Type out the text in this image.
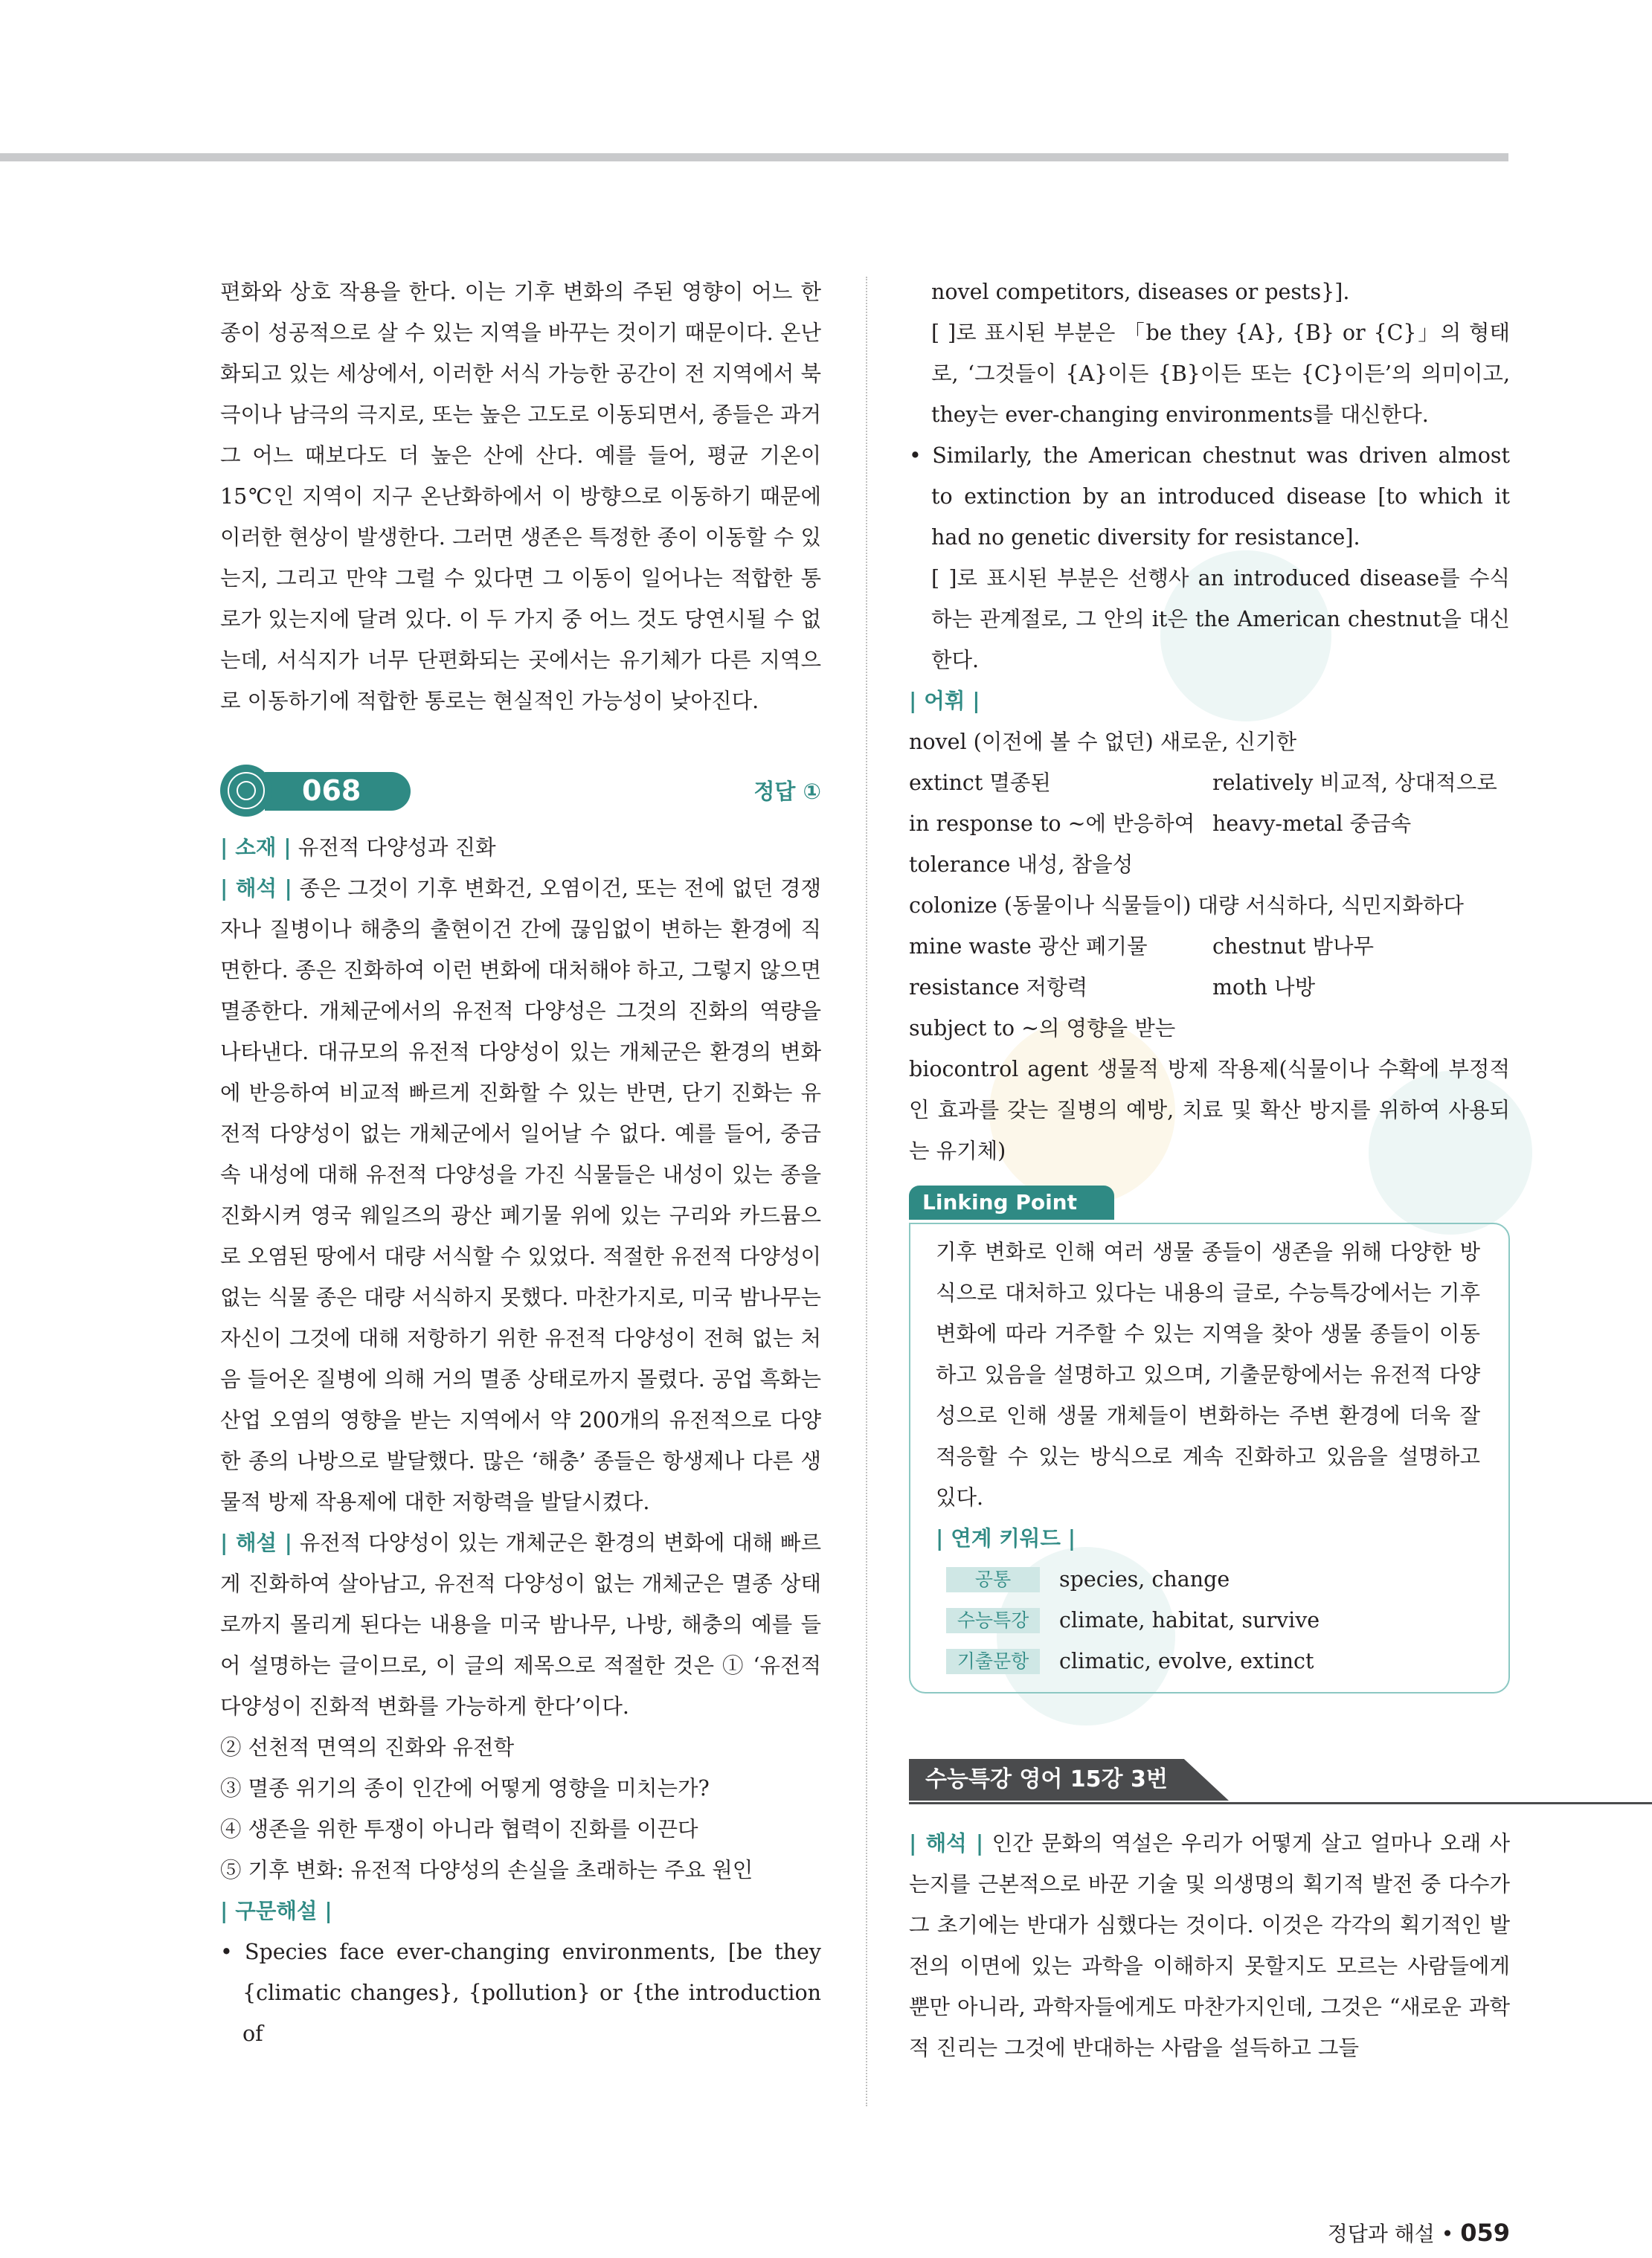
편화와 상호 작용을 한다. 이는 기후 변화의 주된 영향이 어느 한 종이 성공적으로 살 수 있는 지역을 바꾸는 것이기 때문이다. 온난화되고 있는 세상에서, 이러한 서식 가능한 공간이 전 지역에서 북극이나 남극의 극지로, 또는 높은 고도로 이동되면서, 종들은 과거 그 어느 때보다도 더 높은 산에 산다. 예를 들어, 평균 기온이 15℃인 지역이 지구 온난화하에서 이 방향으로 이동하기 때문에 이러한 현상이 발생한다. 그러면 생존은 특정한 종이 이동할 수 있는지, 그리고 만약 그럴 수 있다면 그 이동이 일어나는 적합한 통로가 있는지에 달려 있다. 이 두 가지 중 어느 것도 당연시될 수 없는데, 서식지가 너무 단편화되는 곳에서는 유기체가 다른 지역으로 이동하기에 적합한 통로는 현실적인 가능성이 낮아진다.

068	정답 ①

| 소재 | 유전적 다양성과 진화

| 해석 | 종은 그것이 기후 변화건, 오염이건, 또는 전에 없던 경쟁자나 질병이나 해충의 출현이건 간에 끊임없이 변하는 환경에 직면한다. 종은 진화하여 이런 변화에 대처해야 하고, 그렇지 않으면 멸종한다. 개체군에서의 유전적 다양성은 그것의 진화의 역량을 나타낸다. 대규모의 유전적 다양성이 있는 개체군은 환경의 변화에 반응하여 비교적 빠르게 진화할 수 있는 반면, 단기 진화는 유전적 다양성이 없는 개체군에서 일어날 수 없다. 예를 들어, 중금속 내성에 대해 유전적 다양성을 가진 식물들은 내성이 있는 종을 진화시켜 영국 웨일즈의 광산 폐기물 위에 있는 구리와 카드뮴으로 오염된 땅에서 대량 서식할 수 있었다. 적절한 유전적 다양성이 없는 식물 종은 대량 서식하지 못했다. 마찬가지로, 미국 밤나무는 자신이 그것에 대해 저항하기 위한 유전적 다양성이 전혀 없는 처음 들어온 질병에 의해 거의 멸종 상태로까지 몰렸다. 공업 흑화는 산업 오염의 영향을 받는 지역에서 약 200개의 유전적으로 다양한 종의 나방으로 발달했다. 많은 ‘해충’ 종들은 항생제나 다른 생물적 방제 작용제에 대한 저항력을 발달시켰다.

| 해설 | 유전적 다양성이 있는 개체군은 환경의 변화에 대해 빠르게 진화하여 살아남고, 유전적 다양성이 없는 개체군은 멸종 상태로까지 몰리게 된다는 내용을 미국 밤나무, 나방, 해충의 예를 들어 설명하는 글이므로, 이 글의 제목으로 적절한 것은 ① ‘유전적 다양성이 진화적 변화를 가능하게 한다’이다.

② 선천적 면역의 진화와 유전학

③ 멸종 위기의 종이 인간에 어떻게 영향을 미치는가?

④ 생존을 위한 투쟁이 아니라 협력이 진화를 이끈다

⑤ 기후 변화: 유전적 다양성의 손실을 초래하는 주요 원인

| 구문해설 |

• Species face ever-changing environments, [be they {climatic changes}, {pollution} or {the introduction of

novel competitors, diseases or pests}].

[ ]로 표시된 부분은 「be they {A}, {B} or {C}」의 형태로, ‘그것들이 {A}이든 {B}이든 또는 {C}이든’의 의미이고, they는 ever-changing environments를 대신한다.

• Similarly, the American chestnut was driven almost to extinction by an introduced disease [to which it had no genetic diversity for resistance].

[ ]로 표시된 부분은 선행사 an introduced disease를 수식하는 관계절로, 그 안의 it은 the American chestnut을 대신한다.

| 어휘 |

novel (이전에 볼 수 없던) 새로운, 신기한

extinct 멸종된	relatively 비교적, 상대적으로
in response to ~에 반응하여 heavy-metal 중금속

tolerance 내성, 참을성

colonize (동물이나 식물들이) 대량 서식하다, 식민지화하다

mine waste 광산 폐기물	chestnut 밤나무
resistance 저항력	moth 나방

subject to ~의 영향을 받는

biocontrol agent 생물적 방제 작용제(식물이나 수확에 부정적인 효과를 갖는 질병의 예방, 치료 및 확산 방지를 위하여 사용되는 유기체)

Linking Point

기후 변화로 인해 여러 생물 종들이 생존을 위해 다양한 방식으로 대처하고 있다는 내용의 글로, 수능특강에서는 기후 변화에 따라 거주할 수 있는 지역을 찾아 생물 종들이 이동하고 있음을 설명하고 있으며, 기출문항에서는 유전적 다양성으로 인해 생물 개체들이 변화하는 주변 환경에 더욱 잘 적응할 수 있는 방식으로 계속 진화하고 있음을 설명하고 있다.

| 연계 키워드 |

공통	species, change
수능특강	climate, habitat, survive
기출문항	climatic, evolve, extinct
수능특강 영어 15강 3번

| 해석 | 인간 문화의 역설은 우리가 어떻게 살고 얼마나 오래 사는지를 근본적으로 바꾼 기술 및 의생명의 획기적 발전 중 다수가 그 초기에는 반대가 심했다는 것이다. 이것은 각각의 획기적인 발전의 이면에 있는 과학을 이해하지 못할지도 모르는 사람들에게 뿐만 아니라, 과학자들에게도 마찬가지인데, 그것은 “새로운 과학적 진리는 그것에 반대하는 사람을 설득하고 그들

정답과 해설 • 059
